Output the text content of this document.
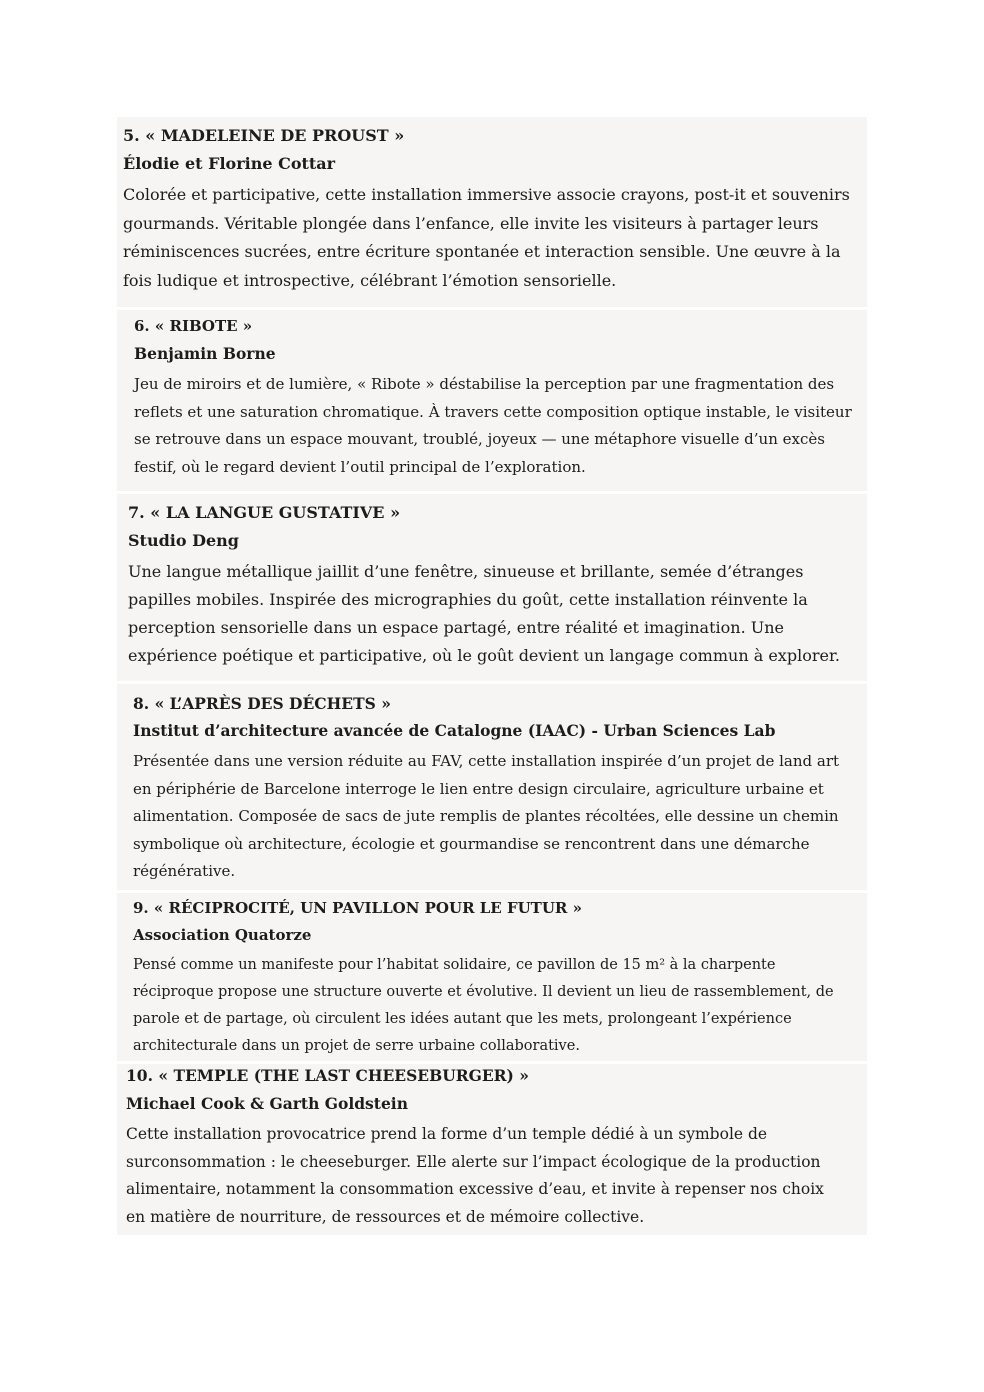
5. « MADELEINE DE PROUST »

Élodie et Florine Cottar

Colorée et participative, cette installation immersive associe crayons, post-it et souvenirs gourmands. Véritable plongée dans l’enfance, elle invite les visiteurs à partager leurs réminiscences sucrées, entre écriture spontanée et interaction sensible. Une œuvre à la fois ludique et introspective, célébrant l’émotion sensorielle.

6. « RIBOTE »

Benjamin Borne

Jeu de miroirs et de lumière, « Ribote » déstabilise la perception par une fragmentation des reflets et une saturation chromatique. À travers cette composition optique instable, le visiteur se retrouve dans un espace mouvant, troublé, joyeux — une métaphore visuelle d’un excès festif, où le regard devient l’outil principal de l’exploration.

7. « LA LANGUE GUSTATIVE »

Studio Deng

Une langue métallique jaillit d’une fenêtre, sinueuse et brillante, semée d’étranges papilles mobiles. Inspirée des micrographies du goût, cette installation réinvente la perception sensorielle dans un espace partagé, entre réalité et imagination. Une expérience poétique et participative, où le goût devient un langage commun à explorer.

8. « L’APRÈS DES DÉCHETS »

Institut d’architecture avancée de Catalogne (IAAC) - Urban Sciences Lab

Présentée dans une version réduite au FAV, cette installation inspirée d’un projet de land art en périphérie de Barcelone interroge le lien entre design circulaire, agriculture urbaine et alimentation. Composée de sacs de jute remplis de plantes récoltées, elle dessine un chemin symbolique où architecture, écologie et gourmandise se rencontrent dans une démarche régénérative.

9. « RÉCIPROCITÉ, UN PAVILLON POUR LE FUTUR »

Association Quatorze

Pensé comme un manifeste pour l’habitat solidaire, ce pavillon de 15 m² à la charpente réciproque propose une structure ouverte et évolutive. Il devient un lieu de rassemblement, de parole et de partage, où circulent les idées autant que les mets, prolongeant l’expérience architecturale dans un projet de serre urbaine collaborative.

10. « TEMPLE (THE LAST CHEESEBURGER) »

Michael Cook & Garth Goldstein

Cette installation provocatrice prend la forme d’un temple dédié à un symbole de surconsommation : le cheeseburger. Elle alerte sur l’impact écologique de la production alimentaire, notamment la consommation excessive d’eau, et invite à repenser nos choix en matière de nourriture, de ressources et de mémoire collective.
